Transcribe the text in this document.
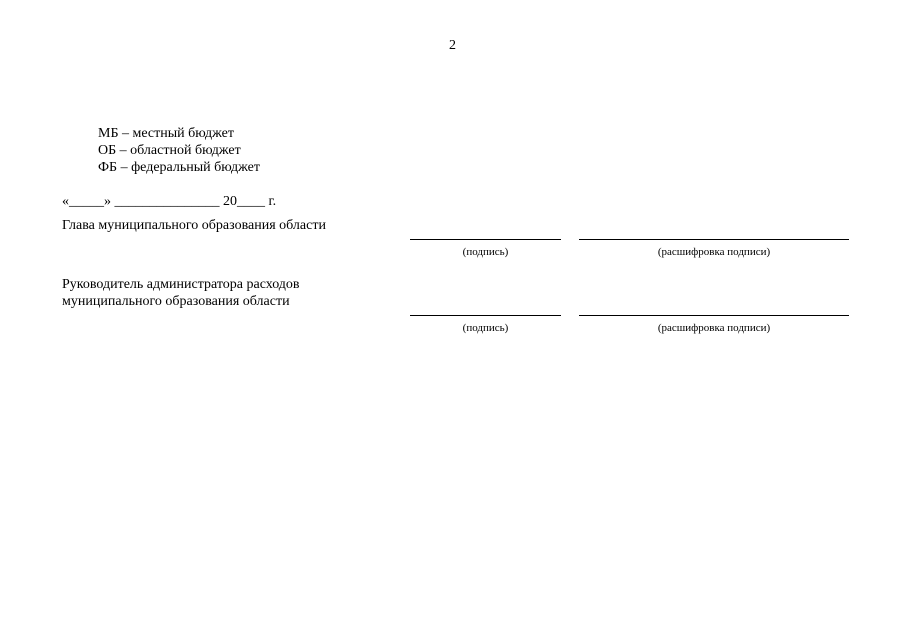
2
МБ – местный бюджет
ОБ – областной бюджет
ФБ – федеральный бюджет
«_____» _______________ 20____ г.
Глава муниципального образования области
(подпись)	(расшифровка подписи)
Руководитель администратора расходов
муниципального образования области
(подпись)	(расшифровка подписи)
